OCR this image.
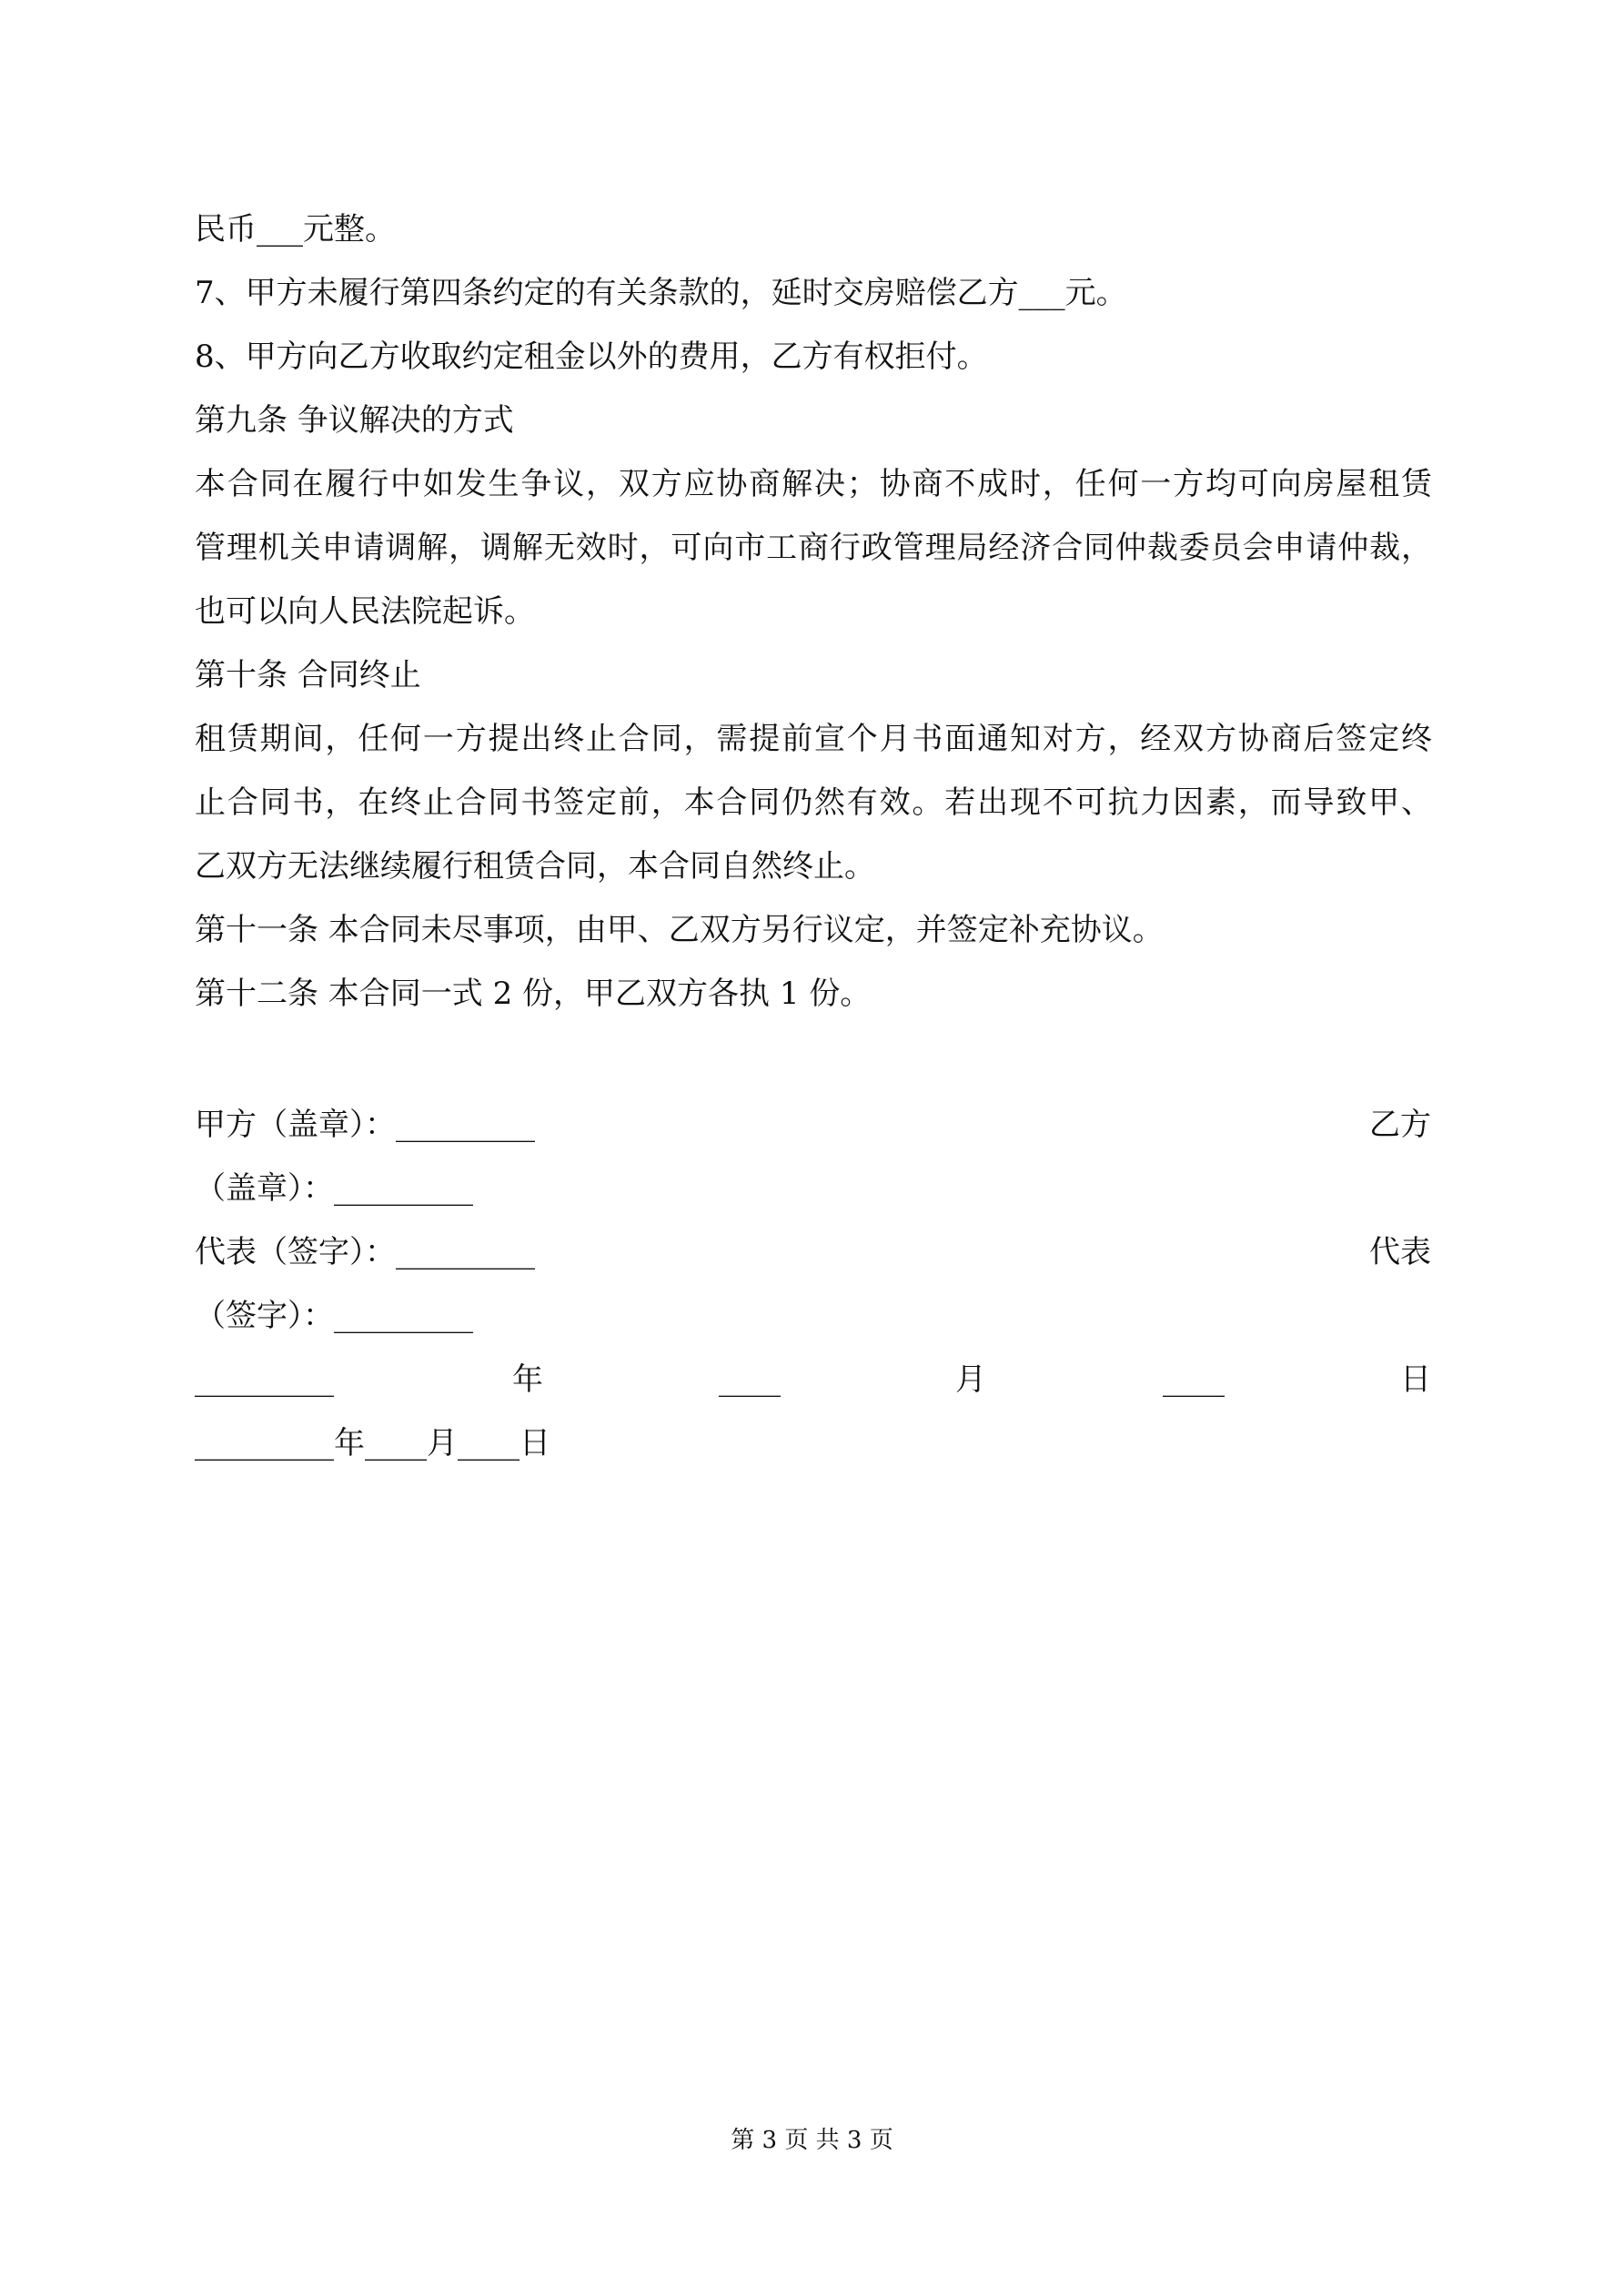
民币___元整。
7、甲方未履行第四条约定的有关条款的，延时交房赔偿乙方___元。
8、甲方向乙方收取约定租金以外的费用，乙方有权拒付。
第九条 争议解决的方式
本合同在履行中如发生争议，双方应协商解决；协商不成时，任何一方均可向房屋租赁
管理机关申请调解，调解无效时，可向市工商行政管理局经济合同仲裁委员会申请仲裁，
也可以向人民法院起诉。
第十条 合同终止
租赁期间，任何一方提出终止合同，需提前宣个月书面通知对方，经双方协商后签定终
止合同书，在终止合同书签定前，本合同仍然有效。若出现不可抗力因素，而导致甲、
乙双方无法继续履行租赁合同，本合同自然终止。
第十一条 本合同未尽事项，由甲、乙双方另行议定，并签定补充协议。
第十二条 本合同一式 2 份，甲乙双方各执 1 份。
甲方（盖章）：_________	乙方
（盖章）：_________
代表（签字）：_________	代表
（签字）：_________
_________	年	____	月	____	日
_________年____月____日
第 3 页 共 3 页
